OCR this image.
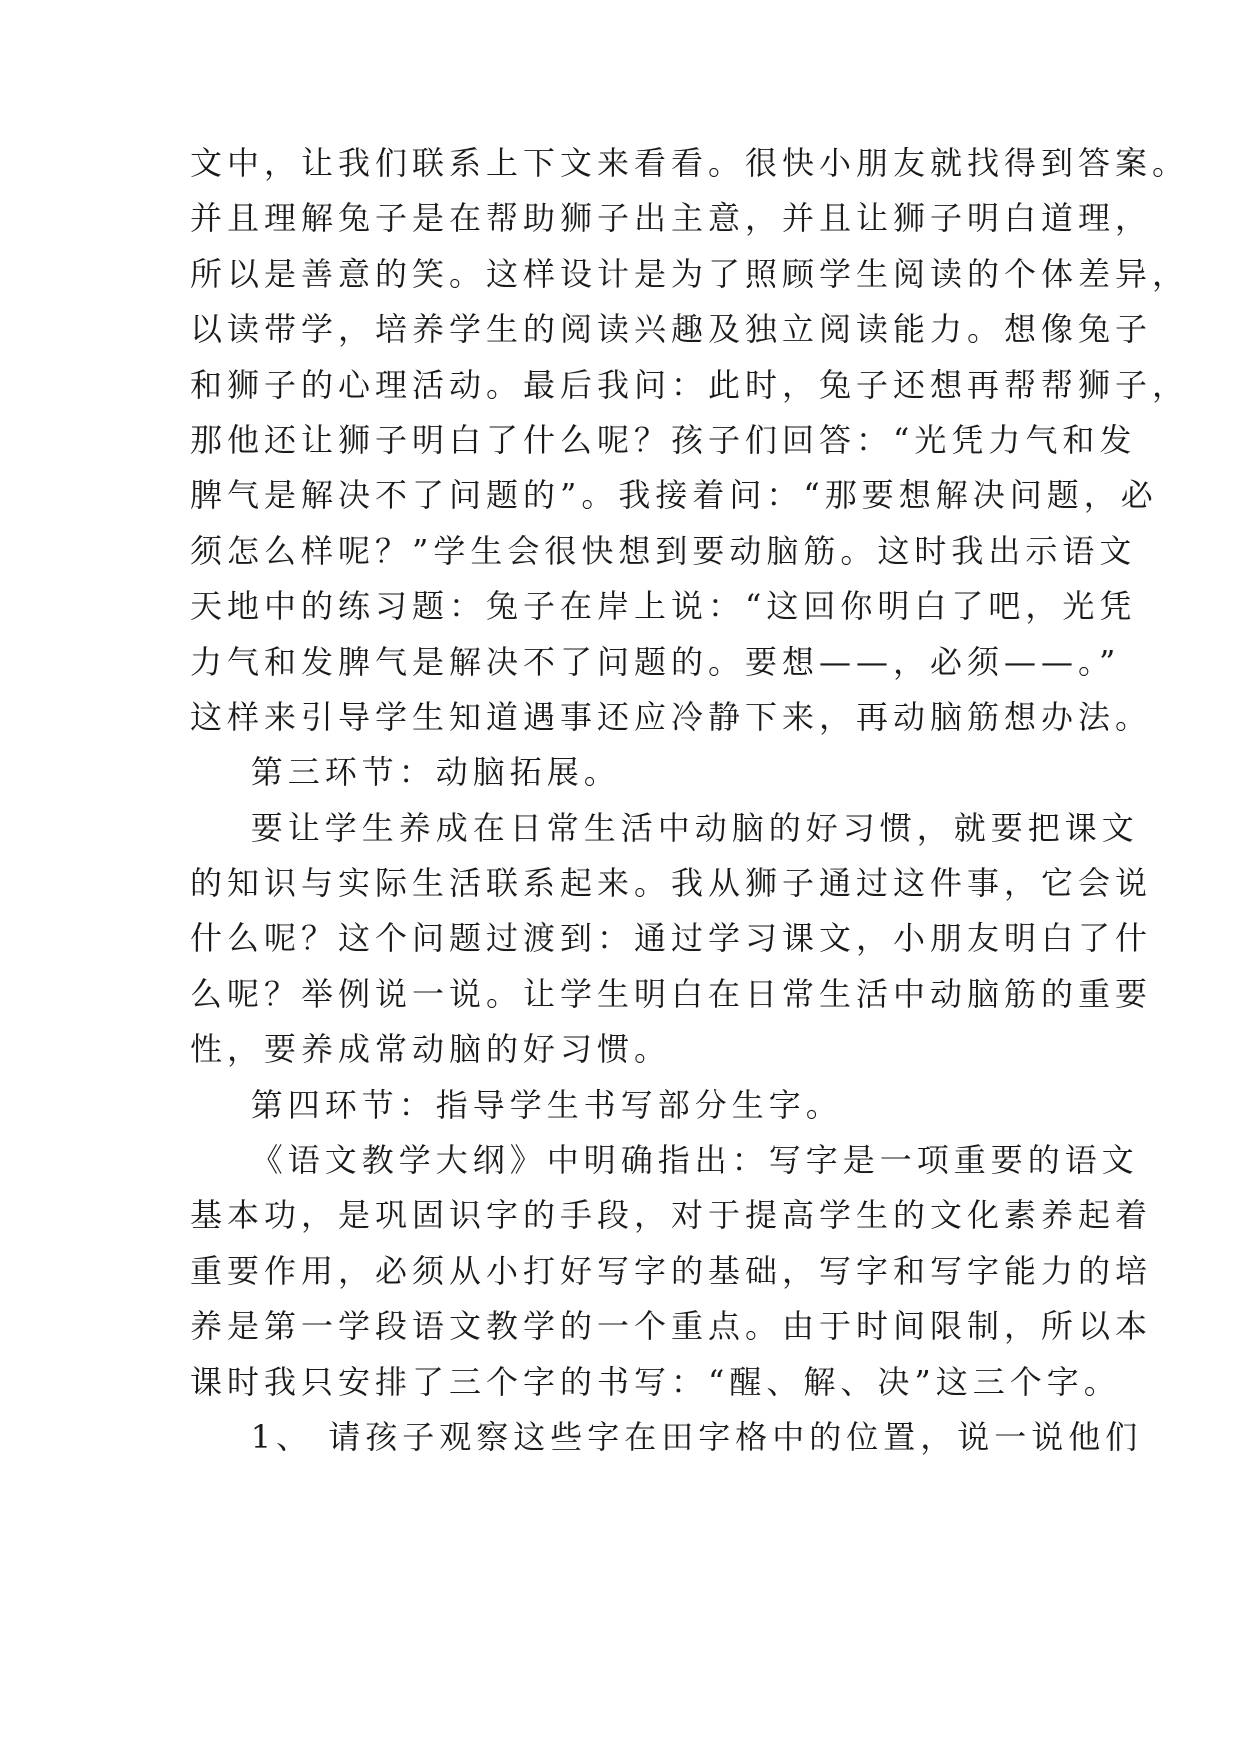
文中，让我们联系上下文来看看。很快小朋友就找得到答案。
并且理解兔子是在帮助狮子出主意，并且让狮子明白道理，
所以是善意的笑。这样设计是为了照顾学生阅读的个体差异，
以读带学，培养学生的阅读兴趣及独立阅读能力。想像兔子
和狮子的心理活动。最后我问：此时，兔子还想再帮帮狮子，
那他还让狮子明白了什么呢？孩子们回答：“光凭力气和发
脾气是解决不了问题的”。我接着问：“那要想解决问题，必
须怎么样呢？”学生会很快想到要动脑筋。这时我出示语文
天地中的练习题：兔子在岸上说：“这回你明白了吧，光凭
力气和发脾气是解决不了问题的。要想——，必须——。”
这样来引导学生知道遇事还应冷静下来，再动脑筋想办法。
第三环节：动脑拓展。
要让学生养成在日常生活中动脑的好习惯，就要把课文
的知识与实际生活联系起来。我从狮子通过这件事，它会说
什么呢？这个问题过渡到：通过学习课文，小朋友明白了什
么呢？举例说一说。让学生明白在日常生活中动脑筋的重要
性，要养成常动脑的好习惯。
第四环节：指导学生书写部分生字。
《语文教学大纲》中明确指出：写字是一项重要的语文
基本功，是巩固识字的手段，对于提高学生的文化素养起着
重要作用，必须从小打好写字的基础，写字和写字能力的培
养是第一学段语文教学的一个重点。由于时间限制，所以本
课时我只安排了三个字的书写：“醒、解、决”这三个字。
1、 请孩子观察这些字在田字格中的位置，说一说他们
